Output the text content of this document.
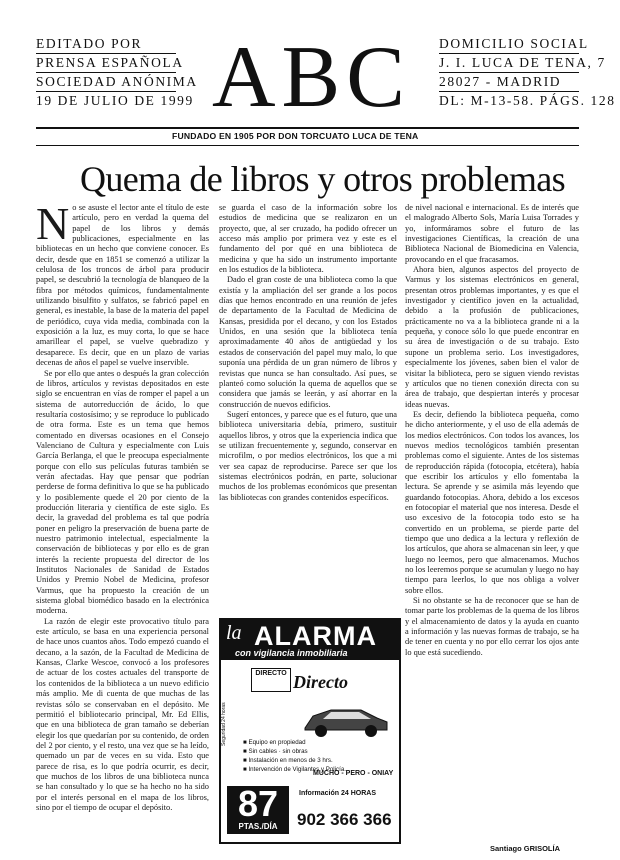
EDITADO POR
PRENSA ESPAÑOLA
SOCIEDAD ANÓNIMA
19 DE JULIO DE 1999 ABC DOMICILIO SOCIAL
J. I. LUCA DE TENA, 7
28027 - MADRID
DL: M-13-58. PÁGS. 128
FUNDADO EN 1905 POR DON TORCUATO LUCA DE TENA
Quema de libros y otros problemas
N o se asuste el lector ante el título de este artículo, pero en verdad la quema del papel de los libros y demás publicaciones, especialmente en las bibliotecas en un hecho que conviene conocer. Es decir, desde que en 1851 se comenzó a utilizar la celulosa de los troncos de árbol para producir papel, se descubrió la tecnología de blanqueo de la fibra por métodos químicos, fundamentalmente utilizando bisulfito y sulfatos, se fabricó papel en general, es inestable, la base de la materia del papel de periódico, cuya vida media, combinada con la exposición a la luz, es muy corta, lo que se hace amarillear el papel, se vuelve quebradizo y desaparece. Es decir, que en un plazo de varias decenas de años el papel se vuelve inservible.

Se por ello que antes o después la gran colección de libros, artículos y revistas depositados en este siglo se encuentran en vías de romper el papel a un sistema de autorreducción de ácido, lo que resultaría costosísimo; y se reproduce lo publicado de otra forma. Este es un tema que hemos comentado en diversas ocasiones en el Consejo Valenciano de Cultura y especialmente con Luis García Berlanga, el que le preocupa especialmente porque con ello sus películas futuras también se verán afectadas. Hay que pensar que podrían perderse de forma definitiva lo que se ha publicado y lo posiblemente quede el 20 por ciento de la producción literaria y científica de este siglo. Es decir, la gravedad del problema es tal que podría poner en peligro la preservación de buena parte de nuestro patrimonio intelectual, especialmente la conservación de bibliotecas y por ello es de gran interés la reciente propuesta del director de los Institutos Nacionales de Sanidad de Estados Unidos y Premio Nobel de Medicina, profesor Varmus, que ha propuesto la creación de un sistema global biomédico basado en la electrónica moderna.

La razón de elegir este provocativo título para este artículo, se basa en una experiencia personal de hace unos cuantos años. Todo empezó cuando el decano, a la sazón, de la Facultad de Medicina de Kansas, Clarke Wescoe, convocó a los profesores de actuar de los costes actuales del transporte de los contenidos de la biblioteca a un nuevo edificio más amplio. Me di cuenta de que muchas de las revistas sólo se conservaban en el depósito. Me permitió el bibliotecario principal, Mr. Ed Ellis, que en una biblioteca de gran tamaño se deberían elegir los que quedarían por su contenido, de orden del 2 por ciento, y el resto, una vez que se ha leído, quemado un par de veces en su vida. Esto que parece de risa, es lo que podría ocurrir, es decir, que muchos de los libros de una biblioteca nunca se han consultado y lo que se ha hecho no ha sido por el interés personal en el mapa de los libros, sino por el tiempo de ocupar el depósito.

se guarda el caso de la información sobre los estudios de medicina que se realizaron en un proyecto, que, al ser cruzado, ha podido ofrecer un acceso más amplio por primera vez y este es el fundamento del por qué en una biblioteca de medicina y que ha sido un instrumento importante en los estudios de la biblioteca.

Dado el gran coste de una biblioteca como la que existía y la ampliación del ser grande a los pocos días que hemos encontrado en una reunión de jefes de departamento de la Facultad de Medicina de Kansas, presidida por el decano, y con los Estados Unidos, en una sesión que la biblioteca tenía aproximadamente 40 años de antigüedad y los estados de conservación del papel muy malo, lo que suponía una pérdida de un gran número de libros y revistas que nunca se han consultado. Así pues, se planteó como solución la quema de aquellos que se considera que jamás se leerán, y así ahorrar en la construcción de nuevos edificios.

Sugerí entonces, y parece que es el futuro, que una biblioteca universitaria debía, primero, sustituir aquellos libros, y otros que la experiencia indica que se utilizan frecuentemente y, segundo, conservar en microfilm, o por medios electrónicos, los que a mi ver sea capaz de reproducirse. Parece ser que los sistemas electrónicos podrán, en parte, solucionar muchos de los problemas económicos que presentan las bibliotecas con grandes contenidos específicos.

de nivel nacional e internacional. Es de interés que el malogrado Alberto Sols, María Luisa Torrades y yo, informáramos sobre el futuro de las investigaciones Científicas, la creación de una Biblioteca Nacional de Biomedicina en Valencia, provocando en el que fracasamos.

Ahora bien, algunos aspectos del proyecto de Varmus y los sistemas electrónicos en general, presentan otros problemas importantes, y es que el investigador y científico joven en la actualidad, debido a la profusión de publicaciones, prácticamente no va a la biblioteca grande ni a la pequeña, y conoce sólo lo que puede encontrar en su área de investigación o de su trabajo. Esto supone un problema serio. Los investigadores, especialmente los jóvenes, saben bien el valor de visitar la biblioteca, pero se siguen viendo revistas y artículos que no tienen conexión directa con su área de trabajo, que despiertan interés y procesar ideas nuevas.

Es decir, defiendo la biblioteca pequeña, como he dicho anteriormente, y el uso de ella además de los medios electrónicos. Con todos los avances, los nuevos medios tecnológicos también presentan problemas como el siguiente. Antes de los sistemas de reproducción rápida (fotocopia, etcétera), había que escribir los artículos y ello fomentaba la lectura. Se aprende y se asimila más leyendo que guardando fotocopias. Ahora, debido a los excesos en fotocopiar el material que nos interesa. Desde el uso excesivo de la fotocopia todo esto se ha convertido en un problema, se pierde parte del tiempo que uno dedica a la lectura y reflexión de los artículos, que ahora se almacenan sin leer, y que luego no leemos, pero que almacenamos. Muchos no los leeremos porque se acumulan y luego no hay tiempo para leerlos, lo que nos obliga a volver sobre ellos.

Si no obstante se ha de reconocer que se han de tomar parte los problemas de la quema de los libros y el almacenamiento de datos y la ayuda en cuanto a información y las nuevas formas de trabajo, se ha de tener en cuenta y no por ello cerrar los ojos ante lo que está sucediendo.

Santiago GRISOLÍA
la ALARMA
con vigilancia inmobiliaria
Seguridad 24 horas
DIRECTO Directo
■ Equipo en propiedad
■ Sin cables · sin obras
■ Instalación en menos de 3 hrs.
■ Intervención de Vigilantes y Policía.
MUCHO - PERO - ONIAY
87
PTAS./DÍA
Información 24 HORAS
902 366 366
